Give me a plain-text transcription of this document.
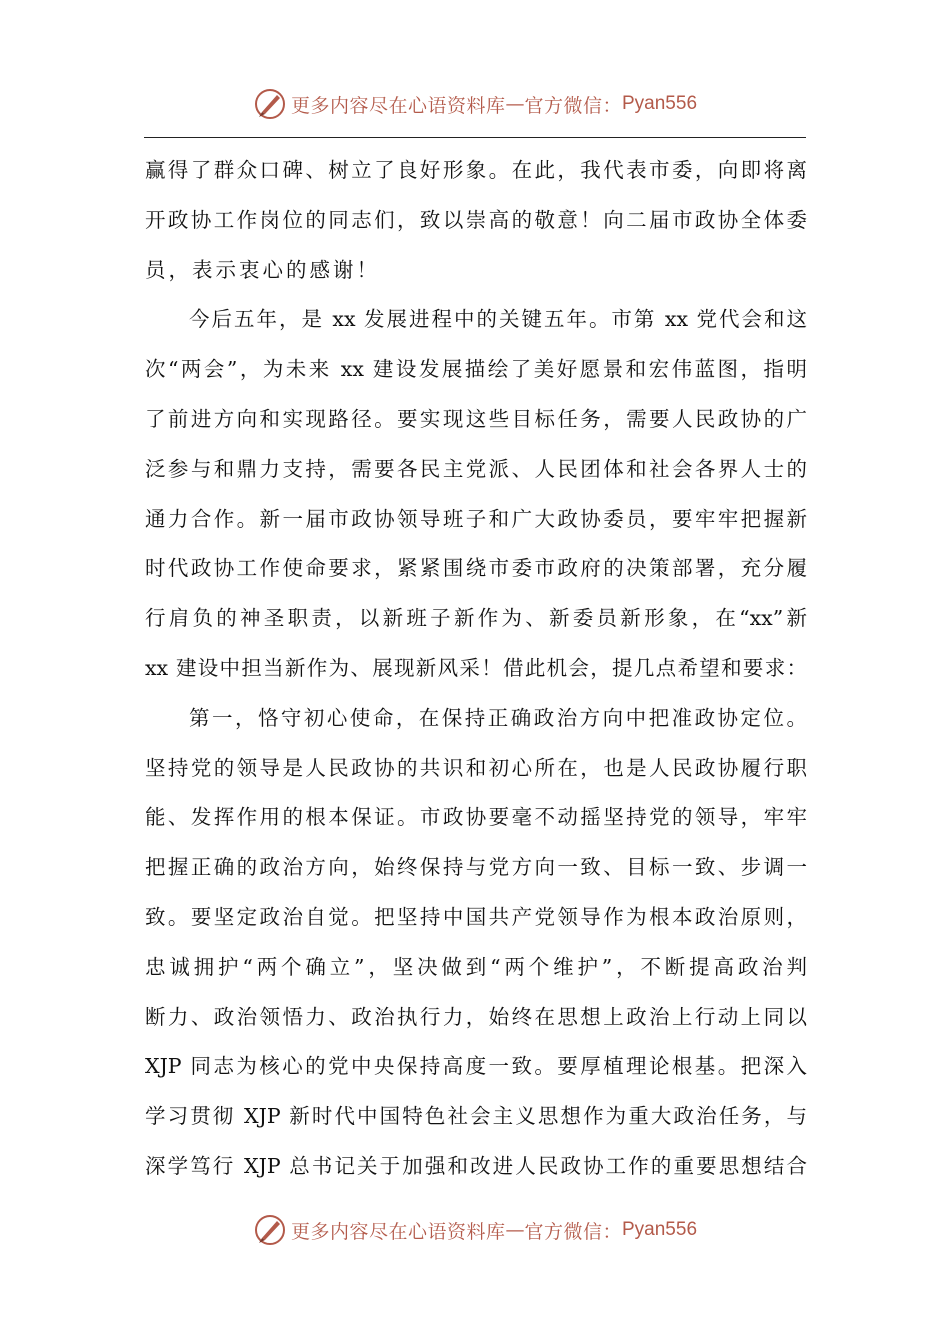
更多内容尽在心语资料库 — 官方微信： Pyan556
赢得了群众口碑、树立了良好形象。在此，我代表市委，向即将离
开政协工作岗位的同志们，致以崇高的敬意！向二届市政协全体委
员，表示衷心的感谢！
今后五年，是 xx 发展进程中的关键五年。市第 xx 党代会和这
次“两会”，为未来 xx 建设发展描绘了美好愿景和宏伟蓝图，指明
了前进方向和实现路径。要实现这些目标任务，需要人民政协的广
泛参与和鼎力支持，需要各民主党派、人民团体和社会各界人士的
通力合作。新一届市政协领导班子和广大政协委员，要牢牢把握新
时代政协工作使命要求，紧紧围绕市委市政府的决策部署，充分履
行肩负的神圣职责，以新班子新作为、新委员新形象，在“xx”新
xx 建设中担当新作为、展现新风采！借此机会，提几点希望和要求：
第一，恪守初心使命，在保持正确政治方向中把准政协定位。
坚持党的领导是人民政协的共识和初心所在，也是人民政协履行职
能、发挥作用的根本保证。市政协要毫不动摇坚持党的领导，牢牢
把握正确的政治方向，始终保持与党方向一致、目标一致、步调一
致。要坚定政治自觉。把坚持中国共产党领导作为根本政治原则，
忠诚拥护“两个确立”，坚决做到“两个维护”，不断提高政治判
断力、政治领悟力、政治执行力，始终在思想上政治上行动上同以
XJP 同志为核心的党中央保持高度一致。要厚植理论根基。把深入
学习贯彻 XJP 新时代中国特色社会主义思想作为重大政治任务，与
深学笃行 XJP 总书记关于加强和改进人民政协工作的重要思想结合
更多内容尽在心语资料库 — 官方微信： Pyan556
